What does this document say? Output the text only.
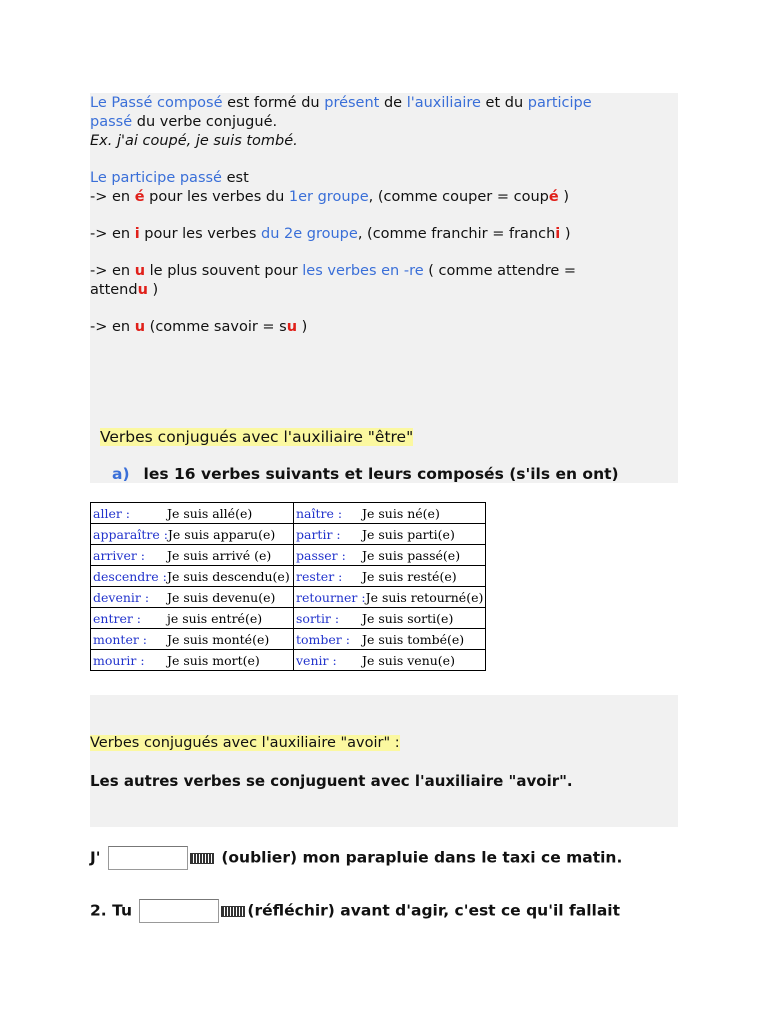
Le Passé composé est formé du présent de l'auxiliaire et du participe
passé du verbe conjugué.
Ex. j'ai coupé, je suis tombé.
Le participe passé est
-> en é pour les verbes du 1er groupe, (comme couper = coupé )
-> en i pour les verbes du 2e groupe, (comme franchir = franchi )
-> en u le plus souvent pour les verbes en -re ( comme attendre =
attendu )
-> en u (comme savoir = su )
Verbes conjugués avec l'auxiliaire "être"
a) les 16 verbes suivants et leurs composés (s'ils en ont)
aller : Je suis allé(e)	naître : Je suis né(e)
apparaître :Je suis apparu(e)	partir : Je suis parti(e)
arriver : Je suis arrivé (e)	passer : Je suis passé(e)
descendre :Je suis descendu(e)	rester : Je suis resté(e)
devenir : Je suis devenu(e)	retourner :Je suis retourné(e)
entrer : je suis entré(e)	sortir : Je suis sorti(e)
monter : Je suis monté(e)	tomber : Je suis tombé(e)
mourir : Je suis mort(e)	venir : Je suis venu(e)
Verbes conjugués avec l'auxiliaire "avoir" :
Les autres verbes se conjuguent avec l'auxiliaire "avoir".
J'	(oublier) mon parapluie dans le taxi ce matin.
2. Tu	(réfléchir) avant d'agir, c'est ce qu'il fallait
